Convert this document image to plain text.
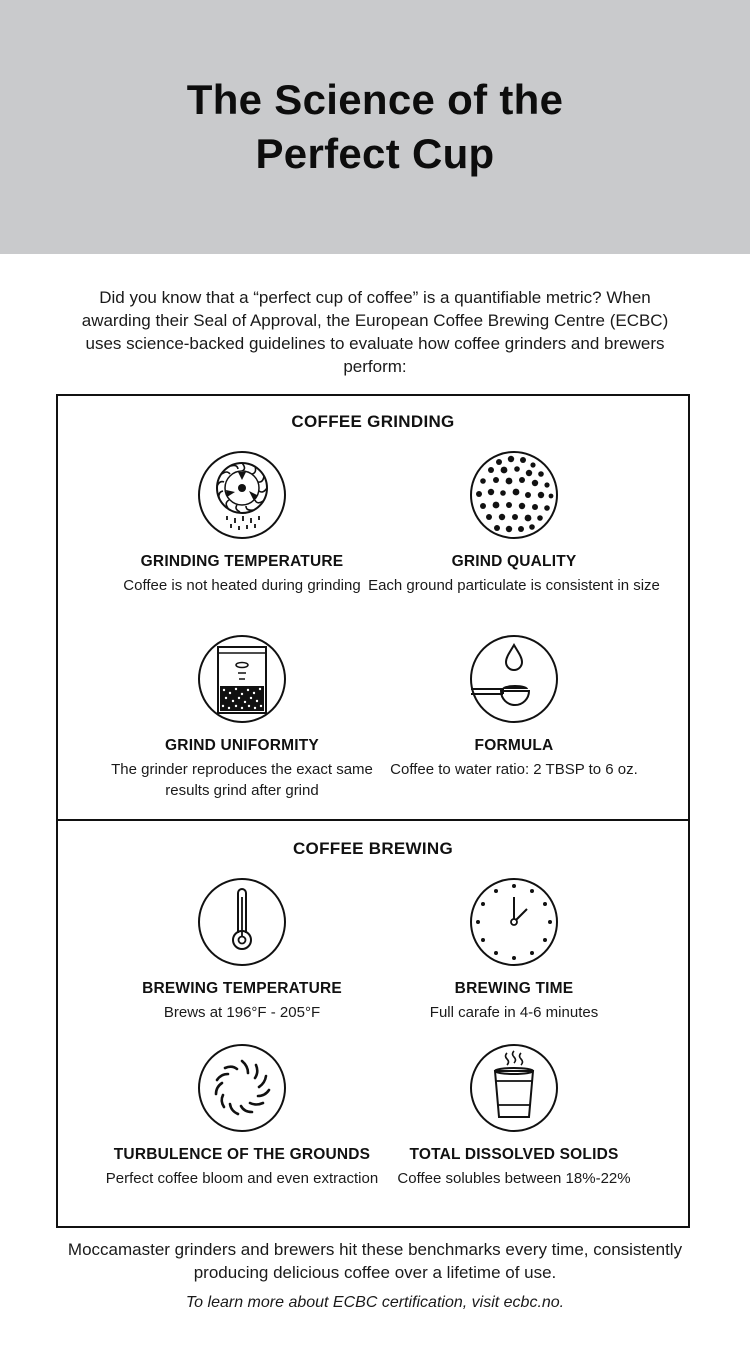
The Science of the Perfect Cup

Did you know that a “perfect cup of coffee” is a quantifiable metric? When awarding their Seal of Approval, the European Coffee Brewing Centre (ECBC) uses science-backed guidelines to evaluate how coffee grinders and brewers perform:

COFFEE GRINDING
GRINDING TEMPERATURE
Coffee is not heated during grinding
GRIND QUALITY
Each ground particulate is consistent in size
GRIND UNIFORMITY
The grinder reproduces the exact same results grind after grind
FORMULA
Coffee to water ratio: 2 TBSP to 6 oz.
COFFEE BREWING
BREWING TEMPERATURE
Brews at 196°F - 205°F
BREWING TIME
Full carafe in 4-6 minutes
TURBULENCE OF THE GROUNDS
Perfect coffee bloom and even extraction
TOTAL DISSOLVED SOLIDS
Coffee solubles between 18%-22%

Moccamaster grinders and brewers hit these benchmarks every time, consistently producing delicious coffee over a lifetime of use.

To learn more about ECBC certification, visit ecbc.no.
